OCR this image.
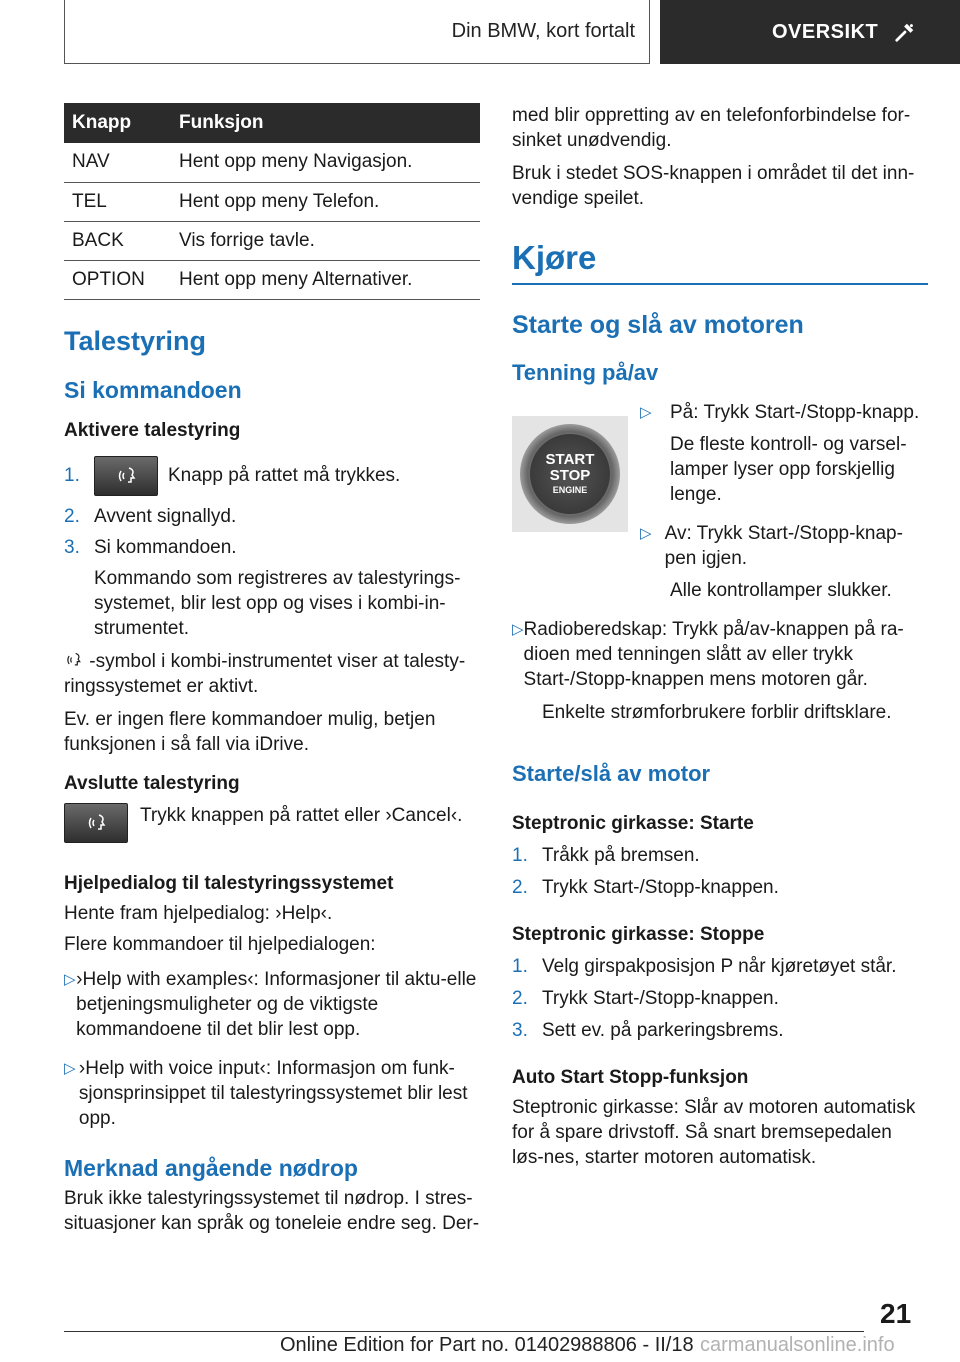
Din BMW, kort fortalt	OVERSIKT
Knapp	Funksjon
NAV	Hent opp meny Navigasjon.
TEL	Hent opp meny Telefon.
BACK	Vis forrige tavle.
OPTION	Hent opp meny Alternativer.
Talestyring
Si kommandoen
Aktivere talestyring

1.	Knapp på rattet må trykkes.

2. Avvent signallyd.

3. Si kommandoen.

Kommando som registreres av talestyrings-systemet, blir lest opp og vises i kombi-in-strumentet.

-symbol i kombi-instrumentet viser at talesty-ringssystemet er aktivt.

Ev. er ingen flere kommandoer mulig, betjen funksjonen i så fall via iDrive.

Avslutte talestyring

Trykk knappen på rattet eller ›Cancel‹.

Hjelpedialog til talestyringssystemet

Hente fram hjelpedialog: ›Help‹.

Flere kommandoer til hjelpedialogen:

▷ ›Help with examples‹: Informasjoner til aktu-elle betjeningsmuligheter og de viktigste kommandoene til det blir lest opp.

▷ ›Help with voice input‹: Informasjon om funk-sjonsprinsippet til talestyringssystemet blir lest opp.

Merknad angående nødrop

Bruk ikke talestyringssystemet til nødrop. I stres-situasjoner kan språk og toneleie endre seg. Der-

med blir oppretting av en telefonforbindelse for-sinket unødvendig.

Bruk i stedet SOS-knappen i området til det inn-vendige speilet.

Kjøre
Starte og slå av motoren
Tenning på/av
START
STOP
ENGINE

▷ På: Trykk Start-/Stopp-knapp.

De fleste kontroll- og varsel-lamper lyser opp forskjellig lenge.

▷ Av: Trykk Start-/Stopp-knap-pen igjen.

Alle kontrollamper slukker.

▷ Radioberedskap: Trykk på/av-knappen på ra-dioen med tenningen slått av eller trykk Start-/Stopp-knappen mens motoren går.

Enkelte strømforbrukere forblir driftsklare.

Starte/slå av motor
Steptronic girkasse: Starte

1. Tråkk på bremsen.

2. Trykk Start-/Stopp-knappen.

Steptronic girkasse: Stoppe

1. Velg girspakposisjon P når kjøretøyet står.

2. Trykk Start-/Stopp-knappen.

3. Sett ev. på parkeringsbrems.

Auto Start Stopp-funksjon

Steptronic girkasse: Slår av motoren automatisk for å spare drivstoff. Så snart bremsepedalen løs-nes, starter motoren automatisk.

21
Online Edition for Part no. 01402988806 - II/18 carmanualsonline.info
